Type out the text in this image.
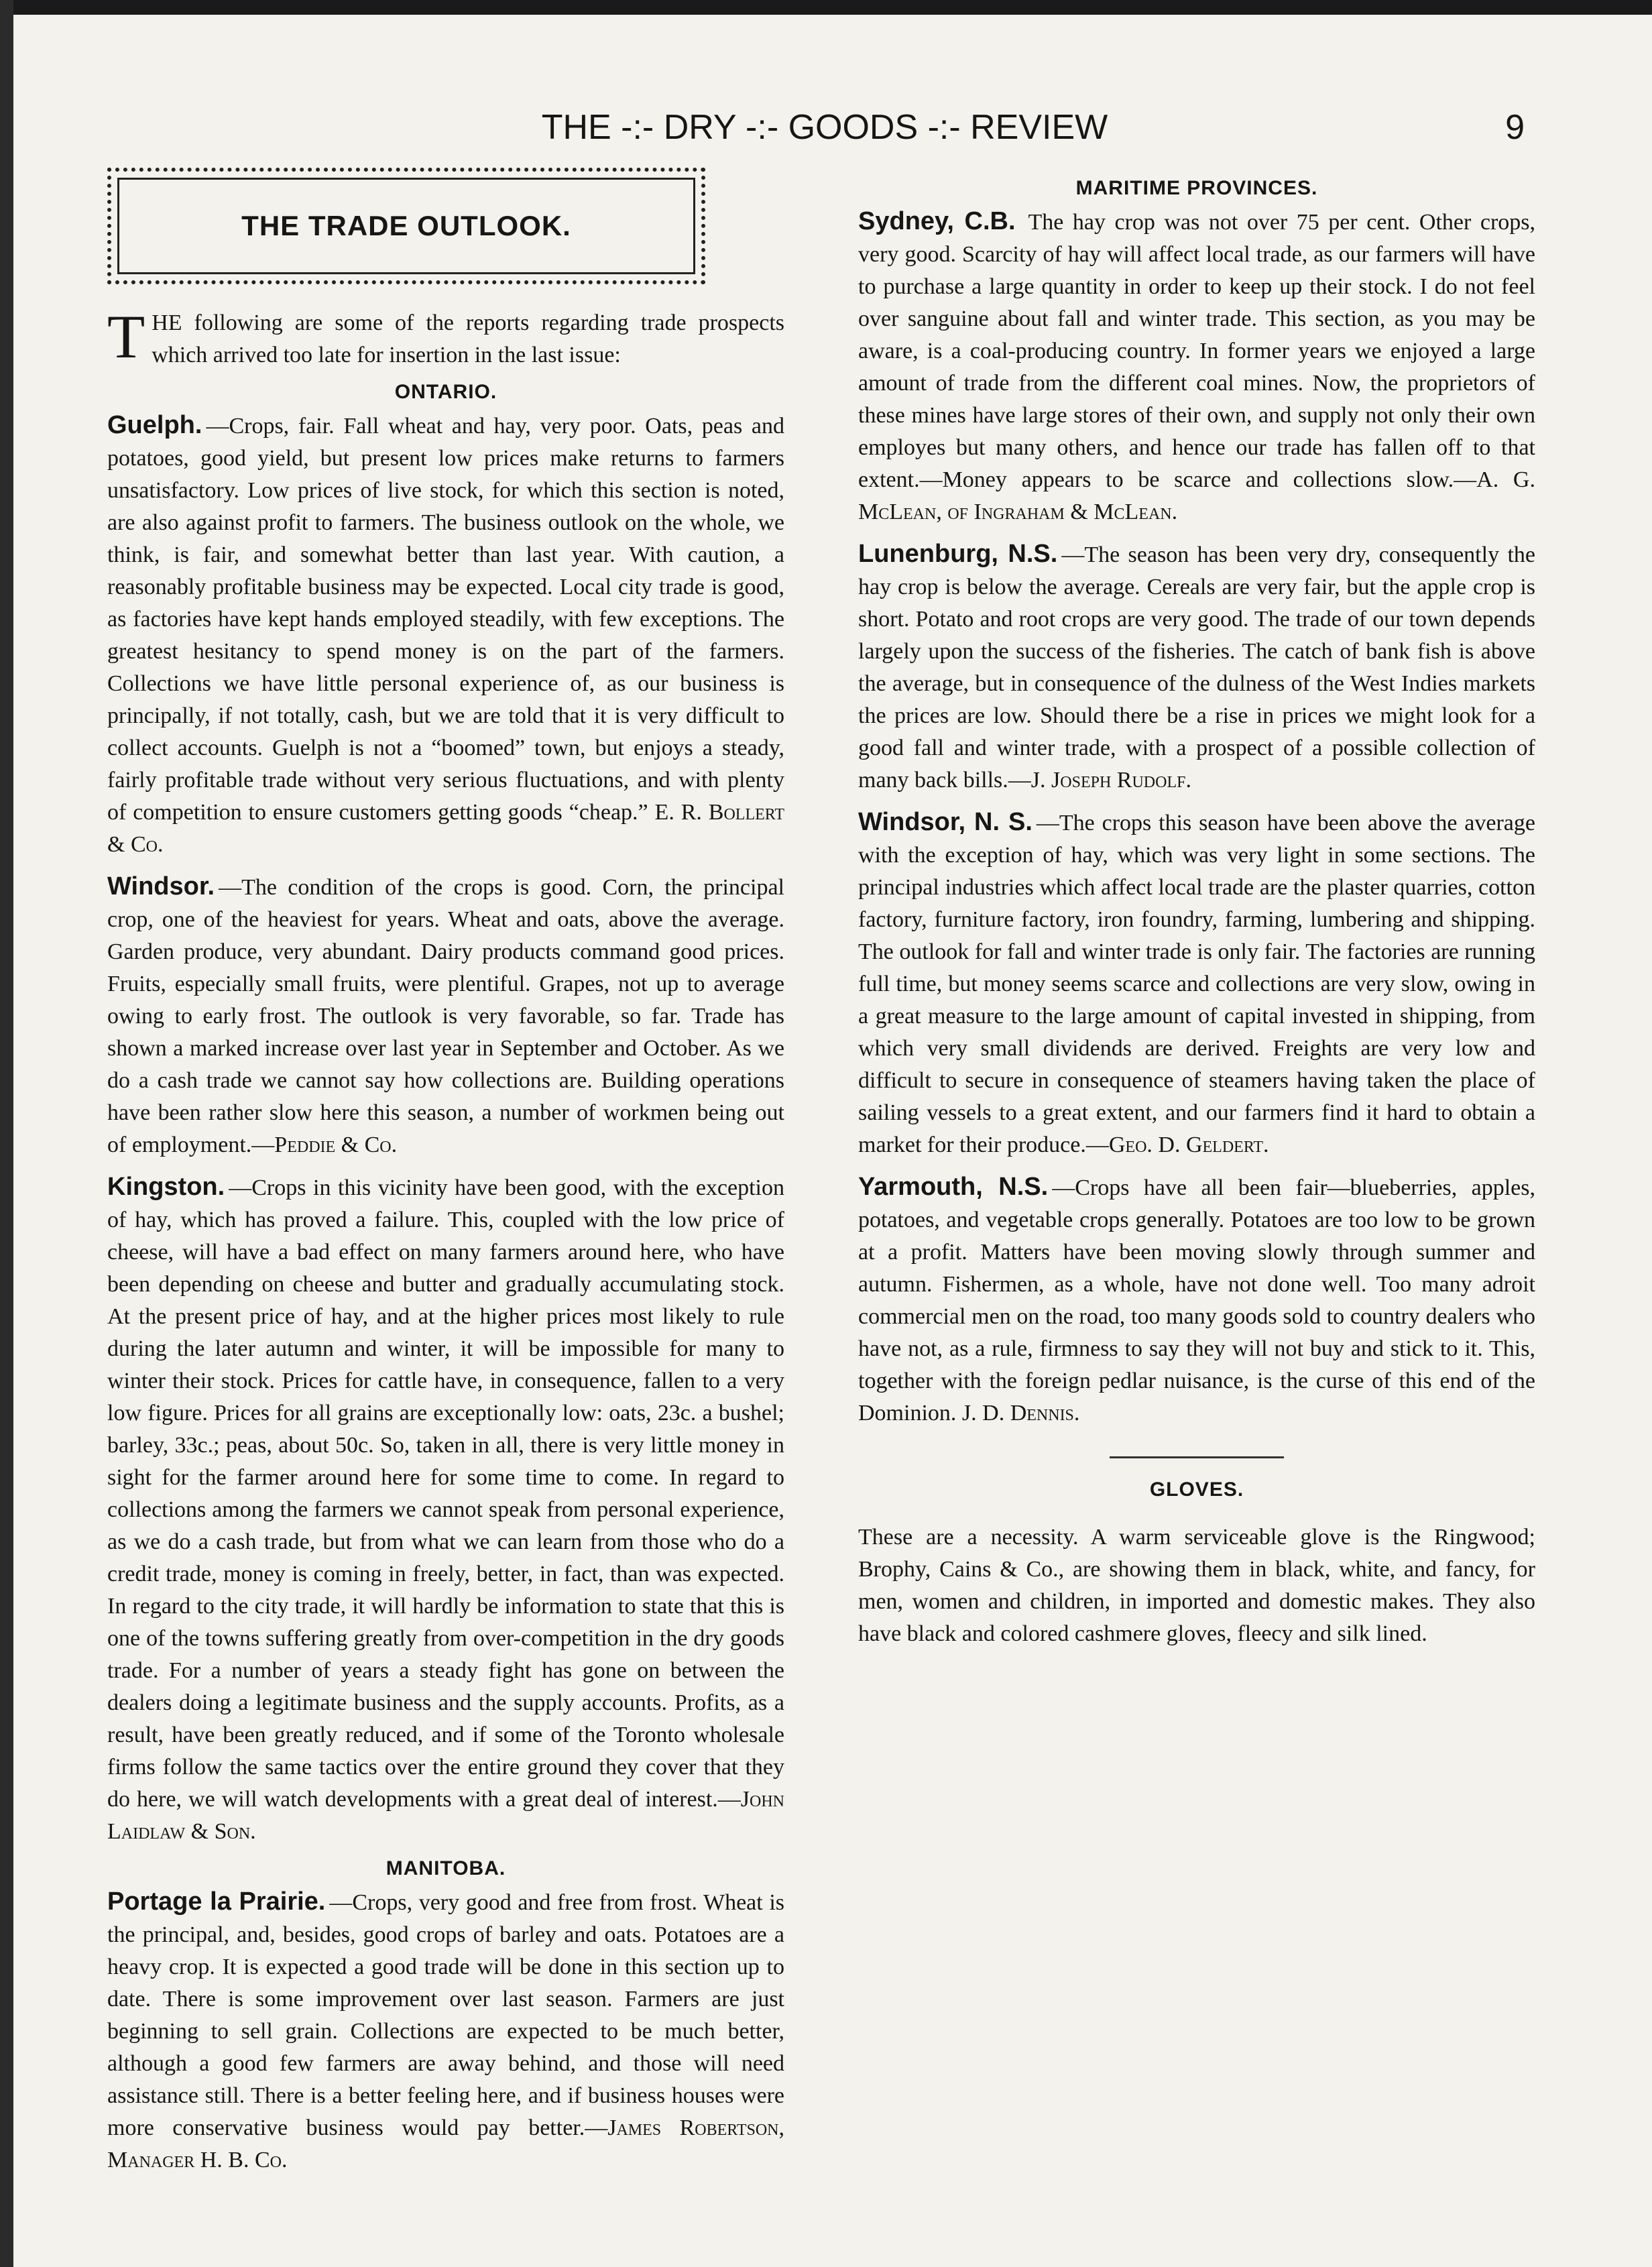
THE -:- DRY -:- GOODS -:- REVIEW	9
THE TRADE OUTLOOK.

THE following are some of the reports regarding trade prospects which arrived too late for insertion in the last issue:

ONTARIO.

Guelph. —Crops, fair. Fall wheat and hay, very poor. Oats, peas and potatoes, good yield, but present low prices make returns to farmers unsatisfactory. Low prices of live stock, for which this section is noted, are also against profit to farmers. The business outlook on the whole, we think, is fair, and somewhat better than last year. With caution, a reasonably profitable business may be expected. Local city trade is good, as factories have kept hands employed steadily, with few exceptions. The greatest hesitancy to spend money is on the part of the farmers. Collections we have little personal experience of, as our business is principally, if not totally, cash, but we are told that it is very difficult to collect accounts. Guelph is not a “boomed” town, but enjoys a steady, fairly profitable trade without very serious fluctuations, and with plenty of competition to ensure customers getting goods “cheap.” E. R. Bollert & Co.

Windsor. —The condition of the crops is good. Corn, the principal crop, one of the heaviest for years. Wheat and oats, above the average. Garden produce, very abundant. Dairy products command good prices. Fruits, especially small fruits, were plentiful. Grapes, not up to average owing to early frost. The outlook is very favorable, so far. Trade has shown a marked increase over last year in September and October. As we do a cash trade we cannot say how collections are. Building operations have been rather slow here this season, a number of workmen being out of employment.—Peddie & Co.

Kingston. —Crops in this vicinity have been good, with the exception of hay, which has proved a failure. This, coupled with the low price of cheese, will have a bad effect on many farmers around here, who have been depending on cheese and butter and gradually accumulating stock. At the present price of hay, and at the higher prices most likely to rule during the later autumn and winter, it will be impossible for many to winter their stock. Prices for cattle have, in consequence, fallen to a very low figure. Prices for all grains are exceptionally low: oats, 23c. a bushel; barley, 33c.; peas, about 50c. So, taken in all, there is very little money in sight for the farmer around here for some time to come. In regard to collections among the farmers we cannot speak from personal experience, as we do a cash trade, but from what we can learn from those who do a credit trade, money is coming in freely, better, in fact, than was expected. In regard to the city trade, it will hardly be information to state that this is one of the towns suffering greatly from over-competition in the dry goods trade. For a number of years a steady fight has gone on between the dealers doing a legitimate business and the supply accounts. Profits, as a result, have been greatly reduced, and if some of the Toronto wholesale firms follow the same tactics over the entire ground they cover that they do here, we will watch developments with a great deal of interest.—John Laidlaw & Son.

MANITOBA.

Portage la Prairie. —Crops, very good and free from frost. Wheat is the principal, and, besides, good crops of barley and oats. Potatoes are a heavy crop. It is expected a good trade will be done in this section up to date. There is some improvement over last season. Farmers are just beginning to sell grain. Collections are expected to be much better, although a good few farmers are away behind, and those will need assistance still. There is a better feeling here, and if business houses were more conservative business would pay better.—James Robertson, Manager H. B. Co.

MARITIME PROVINCES.

Sydney, C.B. The hay crop was not over 75 per cent. Other crops, very good. Scarcity of hay will affect local trade, as our farmers will have to purchase a large quantity in order to keep up their stock. I do not feel over sanguine about fall and winter trade. This section, as you may be aware, is a coal-producing country. In former years we enjoyed a large amount of trade from the different coal mines. Now, the proprietors of these mines have large stores of their own, and supply not only their own employes but many others, and hence our trade has fallen off to that extent.—Money appears to be scarce and collections slow.—A. G. McLean, of Ingraham & McLean.

Lunenburg, N.S. —The season has been very dry, consequently the hay crop is below the average. Cereals are very fair, but the apple crop is short. Potato and root crops are very good. The trade of our town depends largely upon the success of the fisheries. The catch of bank fish is above the average, but in consequence of the dulness of the West Indies markets the prices are low. Should there be a rise in prices we might look for a good fall and winter trade, with a prospect of a possible collection of many back bills.—J. Joseph Rudolf.

Windsor, N. S. —The crops this season have been above the average with the exception of hay, which was very light in some sections. The principal industries which affect local trade are the plaster quarries, cotton factory, furniture factory, iron foundry, farming, lumbering and shipping. The outlook for fall and winter trade is only fair. The factories are running full time, but money seems scarce and collections are very slow, owing in a great measure to the large amount of capital invested in shipping, from which very small dividends are derived. Freights are very low and difficult to secure in consequence of steamers having taken the place of sailing vessels to a great extent, and our farmers find it hard to obtain a market for their produce.—Geo. D. Geldert.

Yarmouth, N.S. —Crops have all been fair—blueberries, apples, potatoes, and vegetable crops generally. Potatoes are too low to be grown at a profit. Matters have been moving slowly through summer and autumn. Fishermen, as a whole, have not done well. Too many adroit commercial men on the road, too many goods sold to country dealers who have not, as a rule, firmness to say they will not buy and stick to it. This, together with the foreign pedlar nuisance, is the curse of this end of the Dominion. J. D. Dennis.

GLOVES.

These are a necessity. A warm serviceable glove is the Ringwood; Brophy, Cains & Co., are showing them in black, white, and fancy, for men, women and children, in imported and domestic makes. They also have black and colored cashmere gloves, fleecy and silk lined.
